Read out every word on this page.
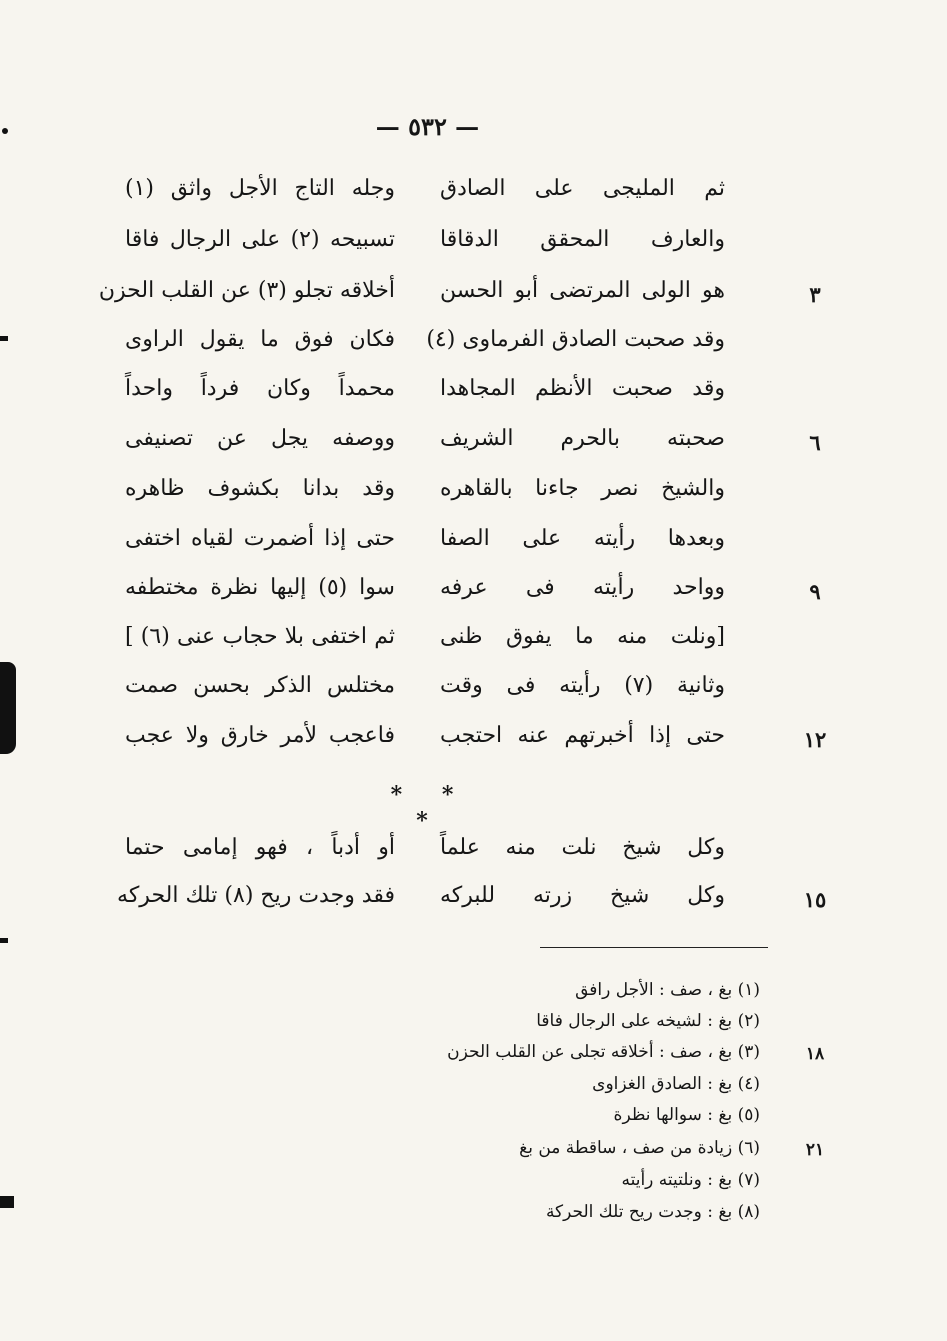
— ٥٣٢ —
ثم المليجى على الصادق
وجله التاج الأجل واثق (١)
والعارف المحقق الدقاقا
تسبيحه (٢) على الرجال فاقا
٣
هو الولى المرتضى أبو الحسن
أخلاقه تجلو (٣) عن القلب الحزن
وقد صحبت الصادق الفرماوى (٤)
فكان فوق ما يقول الراوى
وقد صحبت الأنظم المجاهدا
محمداً وكان فرداً واحداً
٦
صحبته بالحرم الشريف
ووصفه يجل عن تصنيفى
والشيخ نصر جاءنا بالقاهره
وقد بدانا بكشوف ظاهره
وبعدها رأيته على الصفا
حتى إذا أضمرت لقياه اختفى
٩
وواحد رأيته فى عرفه
سوا (٥) إليها نظرة مختطفه
[ونلت منه ما يفوق ظنى
ثم اختفى بلا حجاب عنى (٦) ]
وثانية (٧) رأيته فى وقت
مختلس الذكر بحسن صمت
١٢
حتى إذا أخبرتهم عنه احتجب
فاعجب لأمر خارق ولا عجب
* * *
وكل شيخ نلت منه علماً
أو أدباً ، فهو إمامى حتما
١٥
وكل شيخ زرته للبركه
فقد وجدت ريح (٨) تلك الحركه
(١) بغ ، صف : الأجل رافق
(٢) بغ : لشيخه على الرجال فاقا
١٨
(٣) بغ ، صف : أخلاقه تجلى عن القلب الحزن
(٤) بغ : الصادق الغزاوى
(٥) بغ : سوالها نظرة
٢١
(٦) زيادة من صف ، ساقطة من بغ
(٧) بغ : ونلتيته رأيته
(٨) بغ : وجدت ريح تلك الحركة
